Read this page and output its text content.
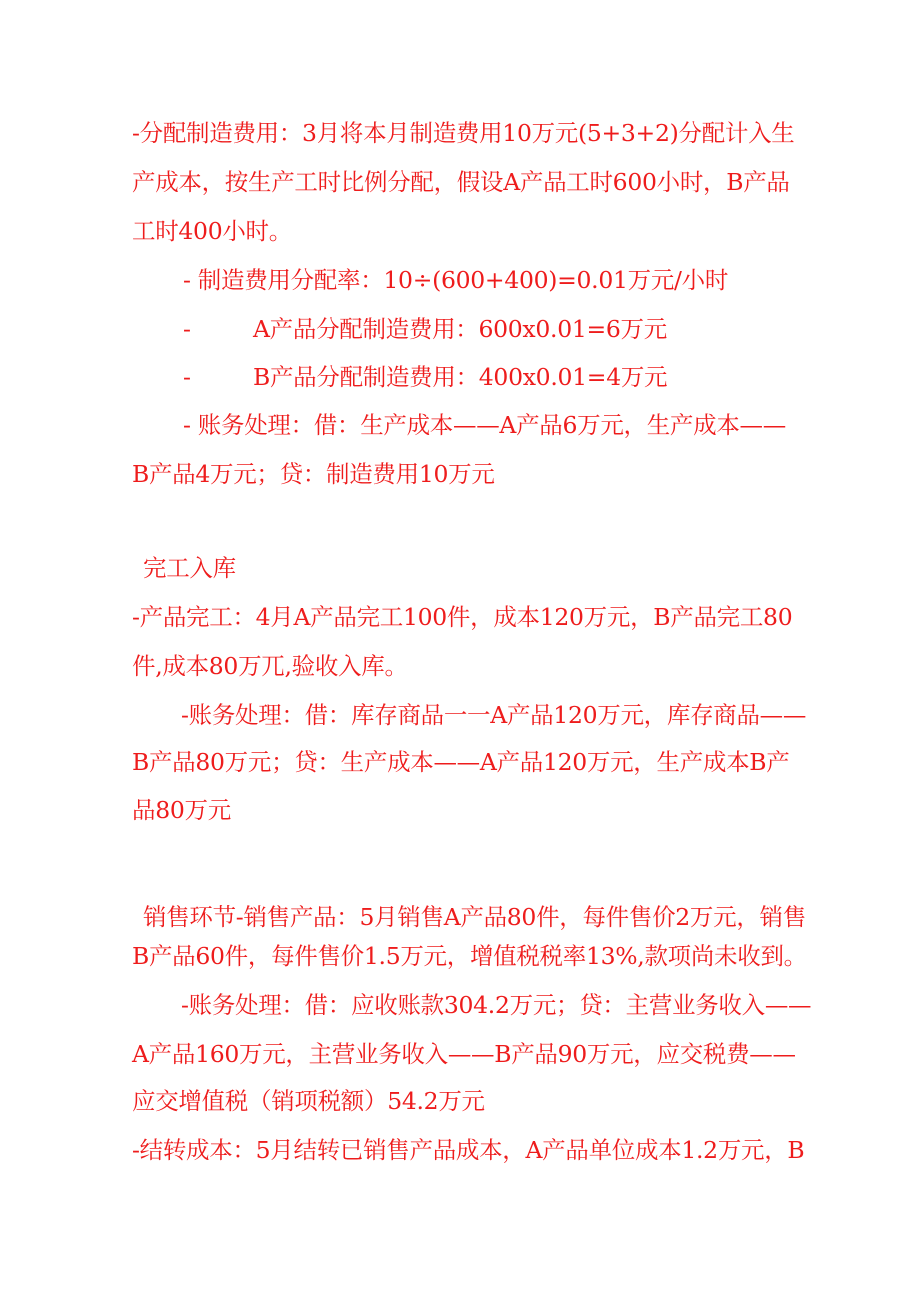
-分配制造费用：3月将本月制造费用10万元(5+3+2)分配计入生
产成本，按生产工时比例分配，假设A产品工时600小时，B产品
工时400小时。
- 制造费用分配率：10÷(600+400)=0.01万元/小时
-	A产品分配制造费用：600x0.01=6万元
-	B产品分配制造费用：400x0.01=4万元
- 账务处理：借：生产成本——A产品6万元，生产成本——
B产品4万元；贷：制造费用10万元
完工入库
-产品完工：4月A产品完工100件，成本120万元，B产品完工80
件,成本80万兀,验收入库。
-账务处理：借：库存商品一一A产品120万元，库存商品——
B产品80万元；贷：生产成本——A产品120万元，生产成本B产
品80万元
销售环节-销售产品：5月销售A产品80件，每件售价2万元，销售
B产品60件，每件售价1.5万元，增值税税率13%,款项尚未收到。
-账务处理：借：应收账款304.2万元；贷：主营业务收入——
A产品160万元，主营业务收入——B产品90万元，应交税费——
应交增值税（销项税额）54.2万元
-结转成本：5月结转已销售产品成本，A产品单位成本1.2万元，B
